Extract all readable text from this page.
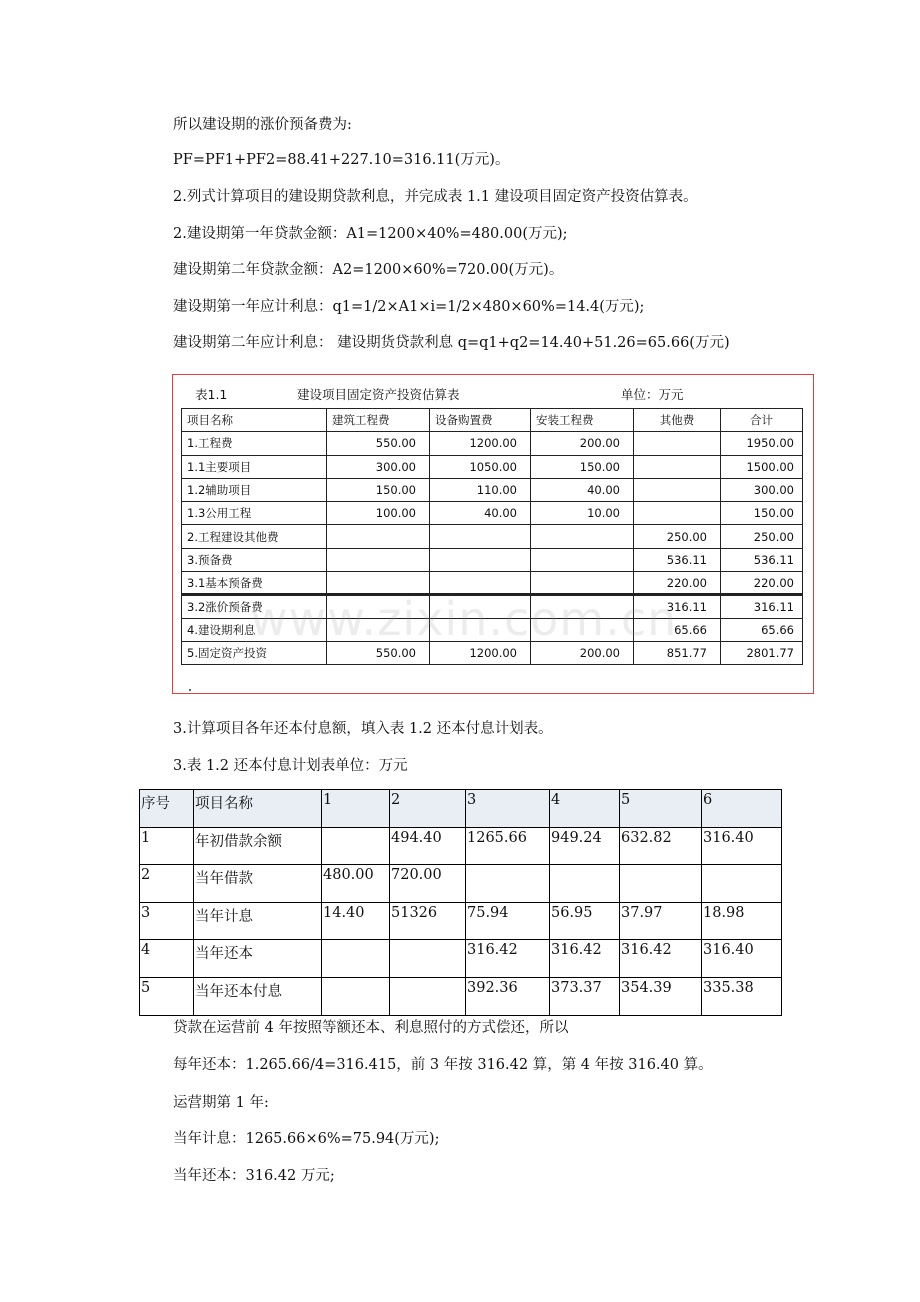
所以建设期的涨价预备费为:
PF=PF1+PF2=88.41+227.10=316.11(万元)。
2.列式计算项目的建设期贷款利息，并完成表 1.1 建设项目固定资产投资估算表。
2.建设期第一年贷款金额：A1=1200×40%=480.00(万元);
建设期第二年贷款金额：A2=1200×60%=720.00(万元)。
建设期第一年应计利息：q1=1/2×A1×i=1/2×480×60%=14.4(万元);
建设期第二年应计利息： 建设期货贷款利息 q=q1+q2=14.40+51.26=65.66(万元)
表1.1	建设项目固定资产投资估算表	单位：万元
项目名称	建筑工程费	设备购置费	安装工程费	其他费	合计
1.工程费	550.00	1200.00	200.00		1950.00
1.1主要项目	300.00	1050.00	150.00		1500.00
1.2辅助项目	150.00	110.00	40.00		300.00
1.3公用工程	100.00	40.00	10.00		150.00
2.工程建设其他费				250.00	250.00
3.预备费				536.11	536.11
3.1基本预备费				220.00	220.00
3.2涨价预备费				316.11	316.11
4.建设期利息				65.66	65.66
5.固定资产投资	550.00	1200.00	200.00	851.77	2801.77
3.计算项目各年还本付息额，填入表 1.2 还本付息计划表。
3.表 1.2 还本付息计划表单位：万元
序号	项目名称	1	2	3	4	5	6
1	年初借款余额		494.40	1265.66	949.24	632.82	316.40
2	当年借款	480.00	720.00				
3	当年计息	14.40	51326	75.94	56.95	37.97	18.98
4	当年还本			316.42	316.42	316.42	316.40
5	当年还本付息			392.36	373.37	354.39	335.38
贷款在运营前 4 年按照等额还本、利息照付的方式偿还，所以
每年还本：1.265.66/4=316.415，前 3 年按 316.42 算，第 4 年按 316.40 算。
运营期第 1 年:
当年计息：1265.66×6%=75.94(万元);
当年还本：316.42 万元;
